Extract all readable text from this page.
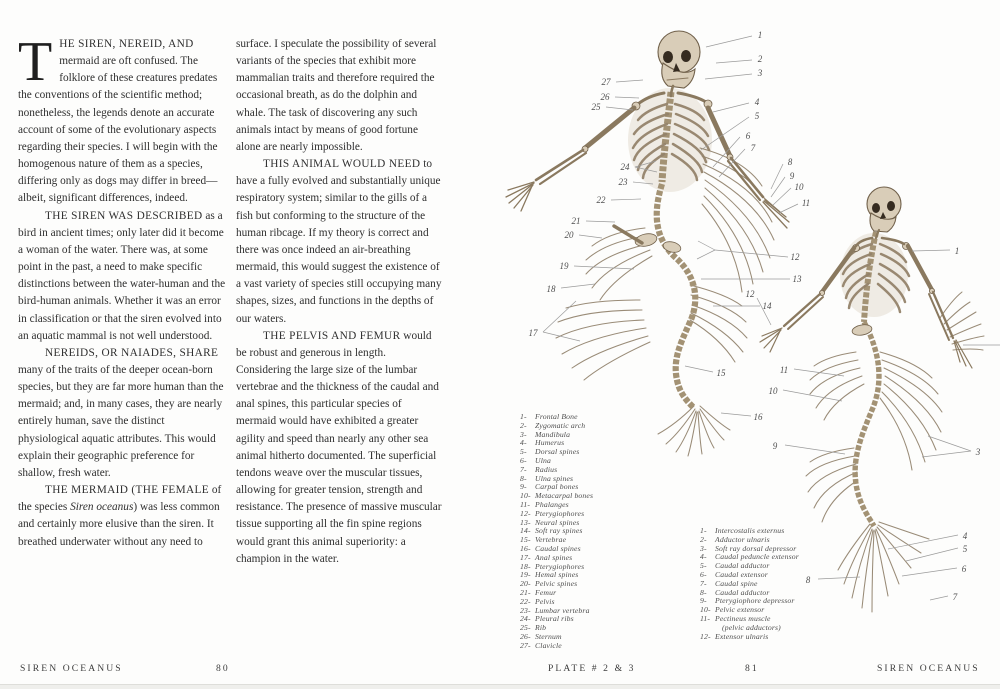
THE SIREN, NEREID, AND mermaid are oft confused. The folklore of these creatures predates the conventions of the scientific method; nonetheless, the legends denote an accurate account of some of the evolutionary aspects regarding their species. I will begin with the homogenous nature of them as a species, differing only as dogs may differ in breed—albeit, significant differences, indeed.

THE SIREN WAS DESCRIBED as a bird in ancient times; only later did it become a woman of the water. There was, at some point in the past, a need to make specific distinctions between the water-human and the bird-human animals. Whether it was an error in classification or that the siren evolved into an aquatic mammal is not well understood.

NEREIDS, OR NAIADES, SHARE many of the traits of the deeper ocean-born species, but they are far more human than the mermaid; and, in many cases, they are nearly entirely human, save the distinct physiological aquatic attributes. This would explain their geographic preference for shallow, fresh water.

THE MERMAID (THE FEMALE of the species Siren oceanus) was less common and certainly more elusive than the siren. It breathed underwater without any need to

surface. I speculate the possibility of several variants of the species that exhibit more mammalian traits and therefore required the occasional breath, as do the dolphin and whale. The task of discovering any such animals intact by means of good fortune alone are nearly impossible.

THIS ANIMAL WOULD NEED to have a fully evolved and substantially unique respiratory system; similar to the gills of a fish but conforming to the structure of the human ribcage. If my theory is correct and there was once indeed an air-breathing mermaid, this would suggest the existence of a vast variety of species still occupying many shapes, sizes, and functions in the depths of our waters.

THE PELVIS AND FEMUR would be robust and generous in length. Considering the large size of the lumbar vertebrae and the thickness of the caudal and anal spines, this particular species of mermaid would have exhibited a greater agility and speed than nearly any other sea animal hitherto documented. The superficial tendons weave over the muscular tissues, allowing for greater tension, strength and resistance. The presence of massive muscular tissue supporting all the fin spine regions would grant this animal superiority: a champion in the water.

SIREN OCEANUS	80
1
2
3
4
5
6
7
8
9
10
11
12
13
14
15
16
17
18
19
20
21
22
23
24
25
26
27
1
3
4
5
6
7
8
9
10
11
12
1-	Frontal Bone
2-	Zygomatic arch
3-	Mandibula
4-	Humerus
5-	Dorsal spines
6-	Ulna
7-	Radius
8-	Ulna spines
9-	Carpal bones
10- Metacarpal bones
11- Phalanges
12- Pterygiophores
13- Neural spines
14- Soft ray spines
15- Vertebrae
16- Caudal spines
17- Anal spines
18- Pterygiophores
19- Hemal spines
20- Pelvic spines
21- Femur
22- Pelvis
23- Lumbar vertebra
24- Pleural ribs
25- Rib
26- Sternum
27- Clavicle
1-	Intercostalis externus
2-	Adductor ulnaris
3-	Soft ray dorsal depressor
4-	Caudal peduncle extensor
5-	Caudal adductor
6-	Caudal extensor
7-	Caudal spine
8-	Caudal adductor
9-	Pterygiophore depressor
10- Pelvic extensor
11- Pectineus muscle
(pelvic adductors)
12- Extensor ulnaris
PLATE # 2 & 3	81	SIREN OCEANUS
